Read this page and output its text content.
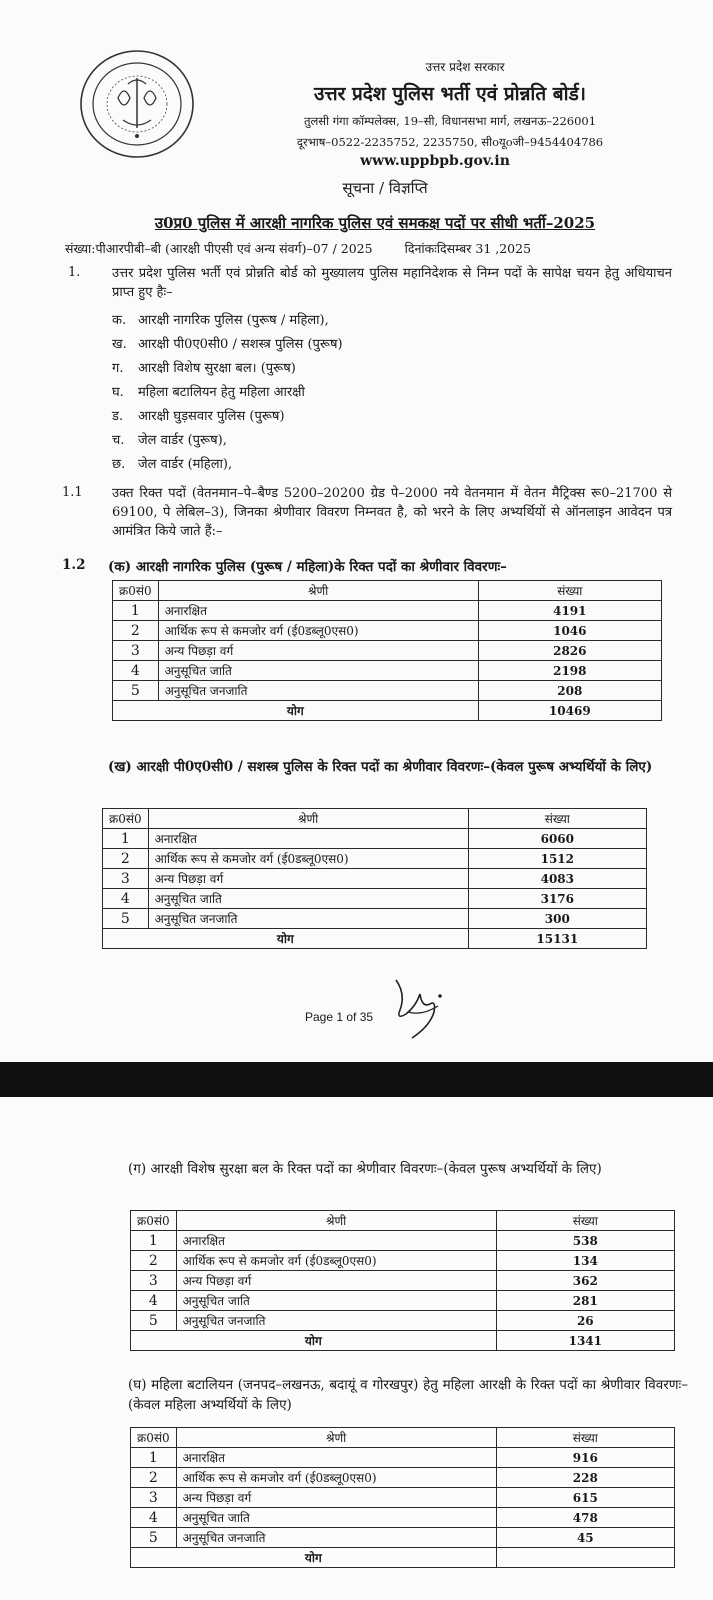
उत्तर प्रदेश सरकार
उत्तर प्रदेश पुलिस भर्ती एवं प्रोन्नति बोर्ड।
तुलसी गंगा कॉम्पलेक्स, 19–सी, विधानसभा मार्ग, लखनऊ–226001
दूरभाष–0522-2235752, 2235750, सीoयूoजी–9454404786
www.uppbpb.gov.in
सूचना / विज्ञप्ति
उ0प्र0 पुलिस में आरक्षी नागरिक पुलिस एवं समकक्ष पदों पर सीधी भर्ती–2025
संख्या:पीआरपीबी–बी (आरक्षी पीएसी एवं अन्य संवर्ग)–07 / 2025	दिनांकःदिसम्बर 31 ,2025
1. उत्तर प्रदेश पुलिस भर्ती एवं प्रोन्नति बोर्ड को मुख्यालय पुलिस महानिदेशक से निम्न पदों के सापेक्ष चयन हेतु अधियाचन प्राप्त हुए हैः–
क. आरक्षी नागरिक पुलिस (पुरूष / महिला),
ख. आरक्षी पी0ए0सी0 / सशस्त्र पुलिस (पुरूष)
ग. आरक्षी विशेष सुरक्षा बल। (पुरूष)
घ. महिला बटालियन हेतु महिला आरक्षी
ड. आरक्षी घुड़सवार पुलिस (पुरूष)
च. जेल वार्डर (पुरूष),
छ. जेल वार्डर (महिला),
1.1 उक्त रिक्त पदों (वेतनमान–पे–बैण्ड 5200–20200 ग्रेड पे–2000 नये वेतनमान में वेतन मैट्रिक्स रू0–21700 से 69100, पे लेबिल–3), जिनका श्रेणीवार विवरण निम्नवत है, को भरने के लिए अभ्यर्थियों से ऑनलाइन आवेदन पत्र आमंत्रित किये जाते हैं:–
1.2 (क) आरक्षी नागरिक पुलिस (पुरूष / महिला)के रिक्त पदों का श्रेणीवार विवरणः–
क्र0सं0	श्रेणी	संख्या
1	अनारक्षित	4191
2	आर्थिक रूप से कमजोर वर्ग (ई0डब्लू0एस0)	1046
3	अन्य पिछड़ा वर्ग	2826
4	अनुसूचित जाति	2198
5	अनुसूचित जनजाति	208
योग		10469
(ख) आरक्षी पी0ए0सी0 / सशस्त्र पुलिस के रिक्त पदों का श्रेणीवार विवरणः–(केवल पुरूष अभ्यर्थियों के लिए)
क्र0सं0	श्रेणी	संख्या
1	अनारक्षित	6060
2	आर्थिक रूप से कमजोर वर्ग (ई0डब्लू0एस0)	1512
3	अन्य पिछड़ा वर्ग	4083
4	अनुसूचित जाति	3176
5	अनुसूचित जनजाति	300
योग		15131
Page 1 of 35
(ग) आरक्षी विशेष सुरक्षा बल के रिक्त पदों का श्रेणीवार विवरणः–(केवल पुरूष अभ्यर्थियों के लिए)
क्र0सं0	श्रेणी	संख्या
1	अनारक्षित	538
2	आर्थिक रूप से कमजोर वर्ग (ई0डब्लू0एस0)	134
3	अन्य पिछड़ा वर्ग	362
4	अनुसूचित जाति	281
5	अनुसूचित जनजाति	26
योग		1341
(घ) महिला बटालियन (जनपद–लखनऊ, बदायूं व गोरखपुर) हेतु महिला आरक्षी के रिक्त पदों का श्रेणीवार विवरणः–(केवल महिला अभ्यर्थियों के लिए)
क्र0सं0	श्रेणी	संख्या
1	अनारक्षित	916
2	आर्थिक रूप से कमजोर वर्ग (ई0डब्लू0एस0)	228
3	अन्य पिछड़ा वर्ग	615
4	अनुसूचित जाति	478
5	अनुसूचित जनजाति	45
योग		
